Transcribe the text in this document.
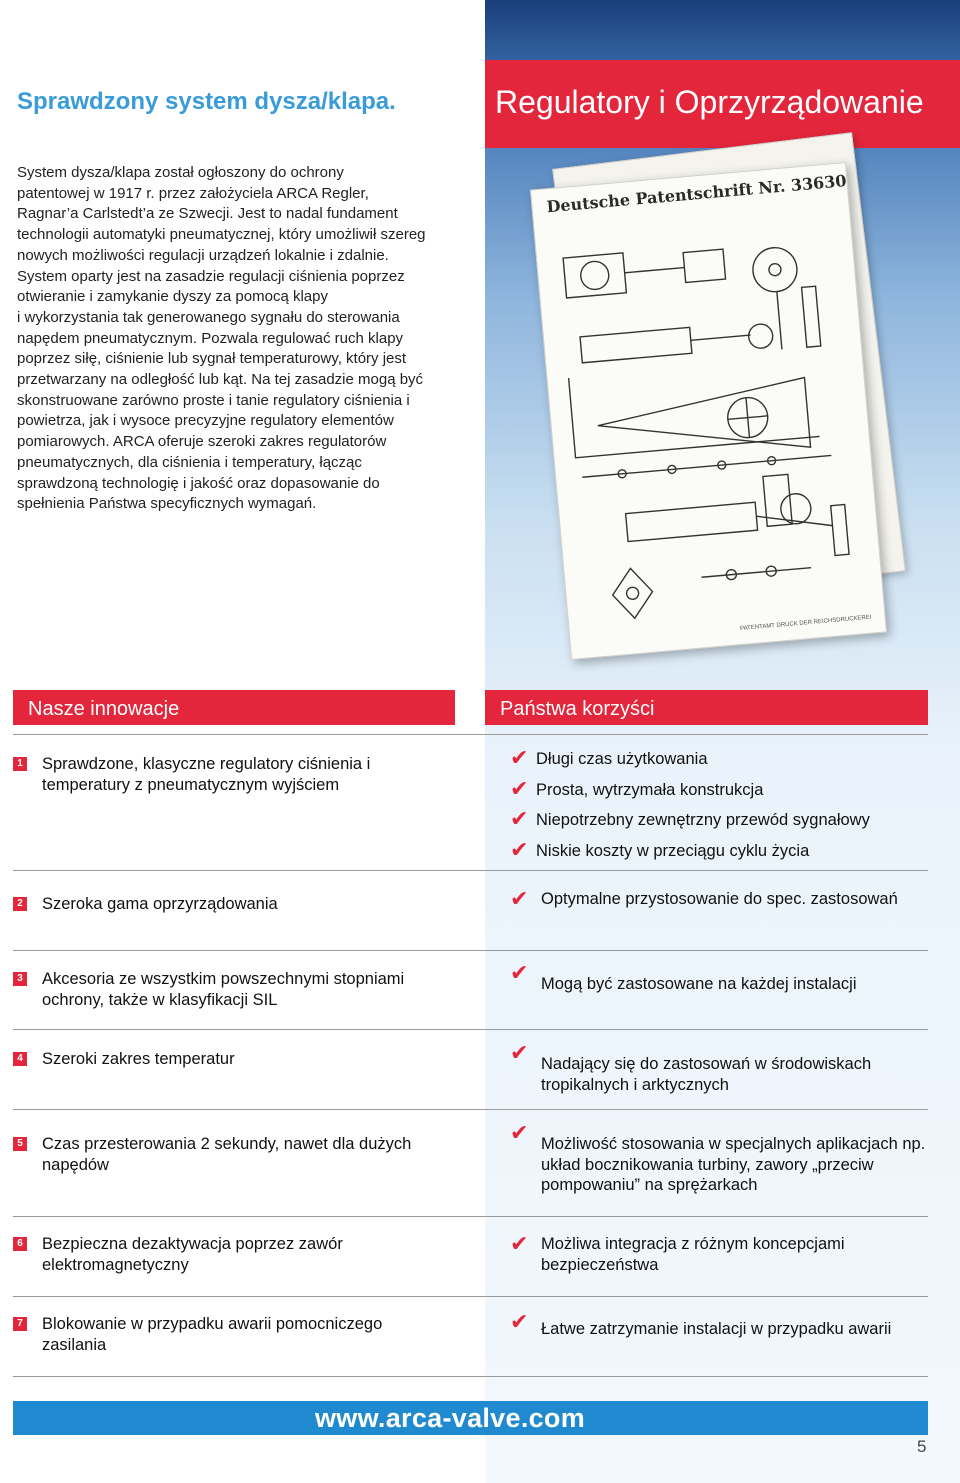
Sprawdzony system dysza/klapa.	Regulatory i Oprzyrządowanie

System dysza/klapa został ogłoszony do ochrony

patentowej w 1917 r. przez założyciela ARCA Regler,

Ragnar’a Carlstedt’a ze Szwecji. Jest to nadal fundament

technologii automatyki pneumatycznej, który umożliwił szereg

nowych możliwości regulacji urządzeń lokalnie i zdalnie.

System oparty jest na zasadzie regulacji ciśnienia poprzez

otwieranie i zamykanie dyszy za pomocą klapy

i wykorzystania tak generowanego sygnału do sterowania

napędem pneumatycznym. Pozwala regulować ruch klapy

poprzez siłę, ciśnienie lub sygnał temperaturowy, który jest

przetwarzany na odległość lub kąt. Na tej zasadzie mogą być

skonstruowane zarówno proste i tanie regulatory ciśnienia i

powietrza, jak i wysoce precyzyjne regulatory elementów

pomiarowych. ARCA oferuje szeroki zakres regulatorów

pneumatycznych, dla ciśnienia i temperatury, łącząc

sprawdzoną technologię i jakość oraz dopasowanie do

spełnienia Państwa specyficznych wymagań.

Deutsche Patentschrift Nr. 336305

PATENTAMT DRUCK DER REICHSDRUCKEREI
Nasze innowacje	Państwa korzyści
1 Sprawdzone, klasyczne regulatory ciśnienia i temperatury z pneumatycznym wyjściem
2 Szeroka gama oprzyrządowania
3 Akcesoria ze wszystkim powszechnymi stopniami ochrony, także w klasyfikacji SIL
4 Szeroki zakres temperatur
5 Czas przesterowania 2 sekundy, nawet dla dużych napędów
6 Bezpieczna dezaktywacja poprzez zawór elektromagnetyczny
7 Blokowanie w przypadku awarii pomocniczego zasilania
✔ Długi czas użytkowania
✔ Prosta, wytrzymała konstrukcja
✔ Niepotrzebny zewnętrzny przewód sygnałowy
✔ Niskie koszty w przeciągu cyklu życia
✔ Optymalne przystosowanie do spec. zastosowań
✔ Mogą być zastosowane na każdej instalacji
✔ Nadający się do zastosowań w środowiskach tropikalnych i arktycznych
✔ Możliwość stosowania w specjalnych aplikacjach np. układ bocznikowania turbiny, zawory „przeciw pompowaniu” na sprężarkach
✔ Możliwa integracja z różnym koncepcjami bezpieczeństwa
✔ Łatwe zatrzymanie instalacji w przypadku awarii
www.arca-valve.com
5
